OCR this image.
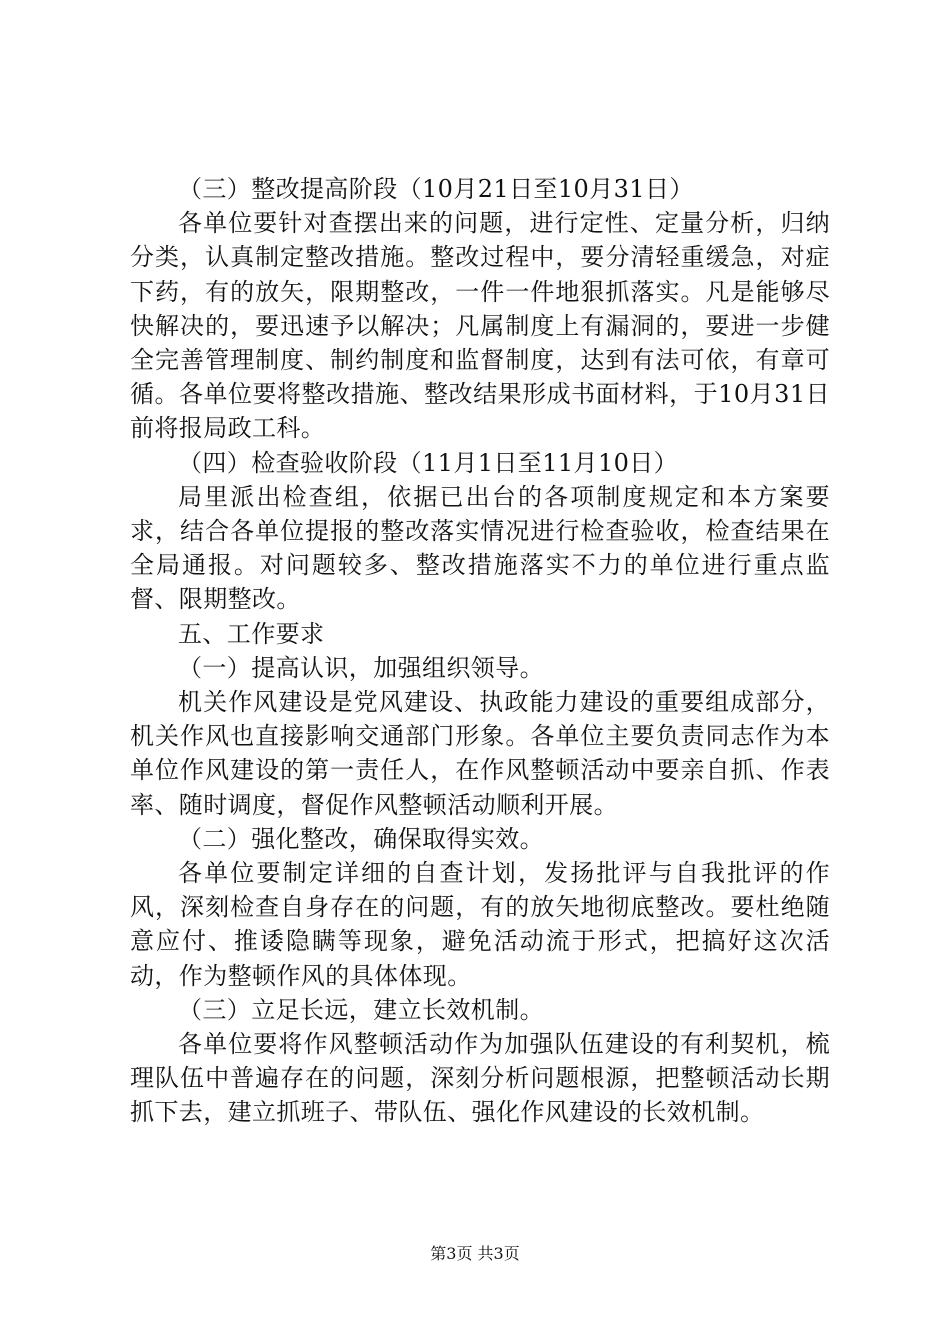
（三）整改提高阶段（10月21日至10月31日）

各单位要针对查摆出来的问题，进行定性、定量分析，归纳分类，认真制定整改措施。整改过程中，要分清轻重缓急，对症下药，有的放矢，限期整改，一件一件地狠抓落实。凡是能够尽快解决的，要迅速予以解决；凡属制度上有漏洞的，要进一步健全完善管理制度、制约制度和监督制度，达到有法可依，有章可循。各单位要将整改措施、整改结果形成书面材料，于10月31日前将报局政工科。

（四）检查验收阶段（11月1日至11月10日）

局里派出检查组，依据已出台的各项制度规定和本方案要求，结合各单位提报的整改落实情况进行检查验收，检查结果在全局通报。对问题较多、整改措施落实不力的单位进行重点监督、限期整改。

五、工作要求

（一）提高认识，加强组织领导。

机关作风建设是党风建设、执政能力建设的重要组成部分，机关作风也直接影响交通部门形象。各单位主要负责同志作为本单位作风建设的第一责任人，在作风整顿活动中要亲自抓、作表率、随时调度，督促作风整顿活动顺利开展。

（二）强化整改，确保取得实效。

各单位要制定详细的自查计划，发扬批评与自我批评的作风，深刻检查自身存在的问题，有的放矢地彻底整改。要杜绝随意应付、推诿隐瞒等现象，避免活动流于形式，把搞好这次活动，作为整顿作风的具体体现。

（三）立足长远，建立长效机制。

各单位要将作风整顿活动作为加强队伍建设的有利契机，梳理队伍中普遍存在的问题，深刻分析问题根源，把整顿活动长期抓下去，建立抓班子、带队伍、强化作风建设的长效机制。

第3页 共3页
